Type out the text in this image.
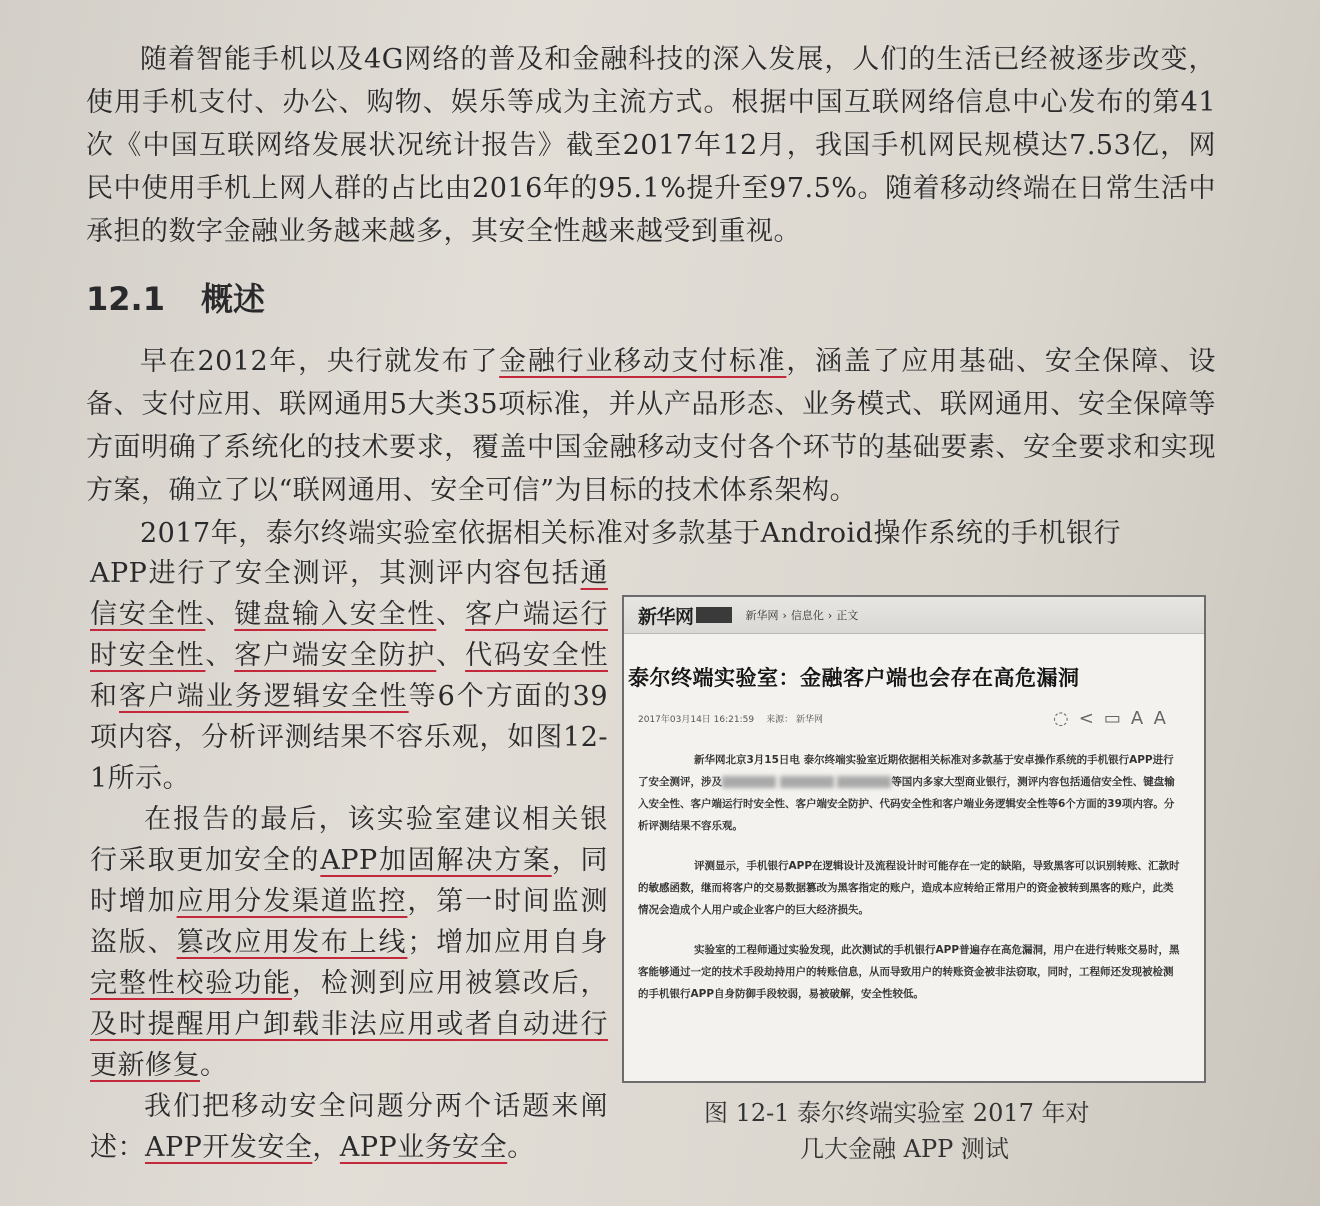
随着智能手机以及4G网络的普及和金融科技的深入发展，人们的生活已经被逐步改变，使用手机支付、办公、购物、娱乐等成为主流方式。根据中国互联网络信息中心发布的第41次《中国互联网络发展状况统计报告》截至2017年12月，我国手机网民规模达7.53亿，网民中使用手机上网人群的占比由2016年的95.1%提升至97.5%。随着移动终端在日常生活中承担的数字金融业务越来越多，其安全性越来越受到重视。

12.1 概述

早在2012年，央行就发布了金融行业移动支付标准，涵盖了应用基础、安全保障、设备、支付应用、联网通用5大类35项标准，并从产品形态、业务模式、联网通用、安全保障等方面明确了系统化的技术要求，覆盖中国金融移动支付各个环节的基础要素、安全要求和实现方案，确立了以“联网通用、安全可信”为目标的技术体系架构。

2017年，泰尔终端实验室依据相关标准对多款基于Android操作系统的手机银行

APP进行了安全测评，其测评内容包括通信安全性、键盘输入安全性、客户端运行时安全性、客户端安全防护、代码安全性和客户端业务逻辑安全性等6个方面的39项内容，分析评测结果不容乐观，如图12-1所示。

在报告的最后，该实验室建议相关银行采取更加安全的APP加固解决方案，同时增加应用分发渠道监控，第一时间监测盗版、篡改应用发布上线；增加应用自身完整性校验功能，检测到应用被篡改后，及时提醒用户卸载非法应用或者自动进行更新修复。

我们把移动安全问题分两个话题来阐述：APP开发安全，APP业务安全。

新华网	新华网 › 信息化 › 正文
泰尔终端实验室：金融客户端也会存在高危漏洞
2017年03月14日 16:21:59 来源： 新华网	◌<▭AA

新华网北京3月15日电 泰尔终端实验室近期依据相关标准对多款基于安卓操作系统的手机银行APP进行了安全测评，涉及	等国内多家大型商业银行，测评内容包括通信安全性、键盘输入安全性、客户端运行时安全性、客户端安全防护、代码安全性和客户端业务逻辑安全性等6个方面的39项内容。分析评测结果不容乐观。

评测显示，手机银行APP在逻辑设计及流程设计时可能存在一定的缺陷，导致黑客可以识别转账、汇款时的敏感函数，继而将客户的交易数据篡改为黑客指定的账户，造成本应转给正常用户的资金被转到黑客的账户，此类情况会造成个人用户或企业客户的巨大经济损失。

实验室的工程师通过实验发现，此次测试的手机银行APP普遍存在高危漏洞，用户在进行转账交易时，黑客能够通过一定的技术手段劫持用户的转账信息，从而导致用户的转账资金被非法窃取，同时，工程师还发现被检测的手机银行APP自身防御手段较弱，易被破解，安全性较低。

图 12-1 泰尔终端实验室 2017 年对
几大金融 APP 测试
